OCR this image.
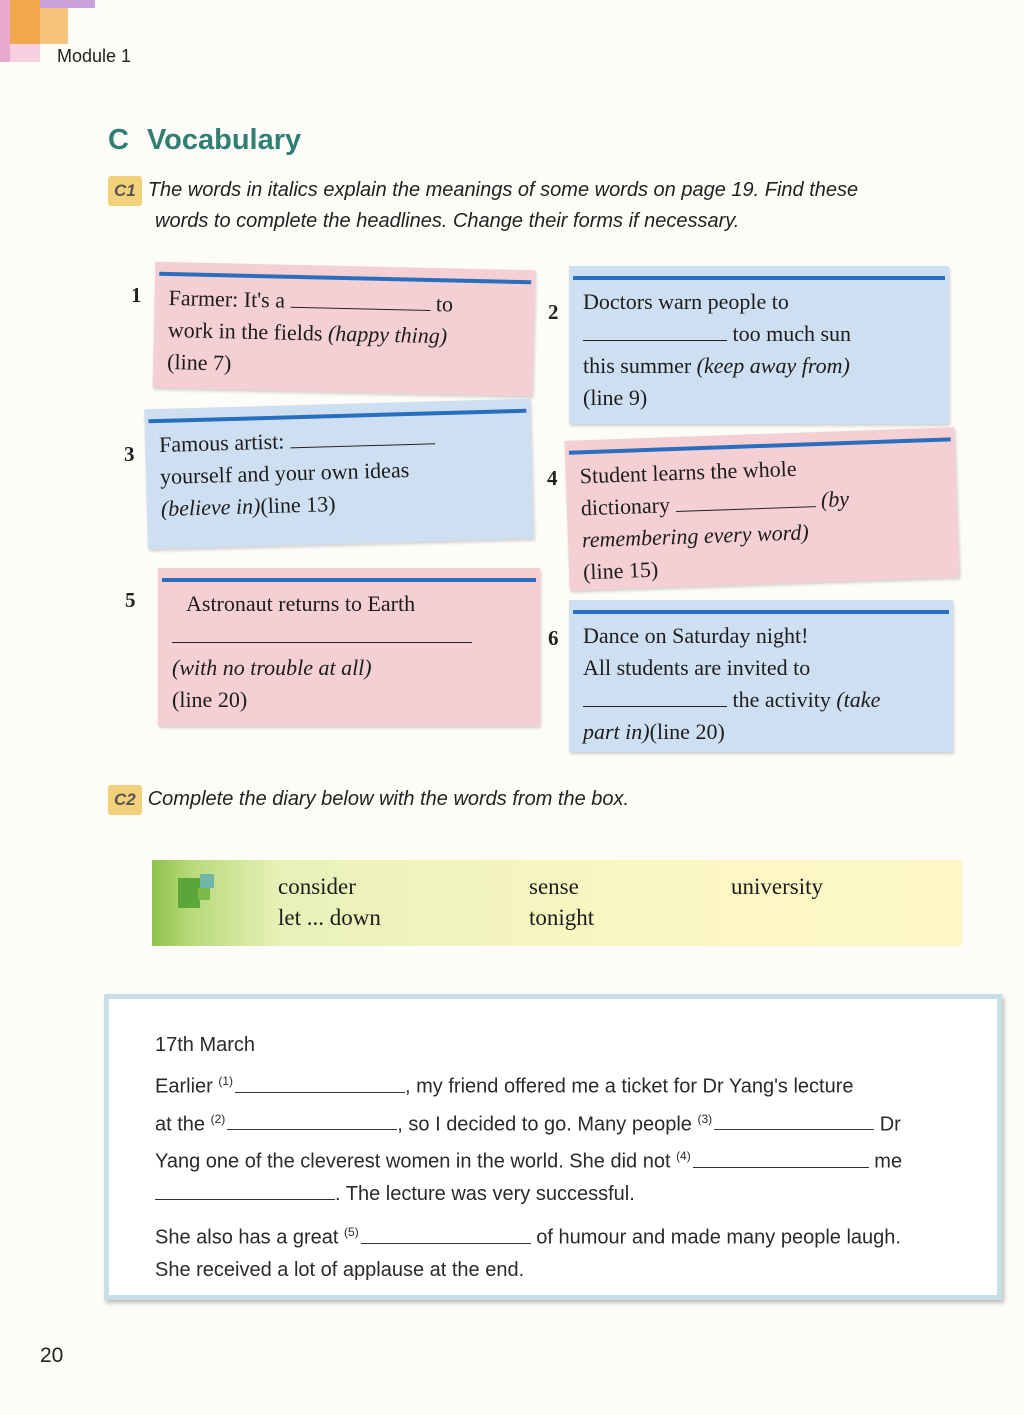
Module 1
C Vocabulary
C1 The words in italics explain the meanings of some words on page 19. Find these
words to complete the headlines. Change their forms if necessary.
1 Farmer: It's a	to
work in the fields (happy thing)
(line 7)
2 Doctors warn people to
too much sun
this summer (keep away from)
(line 9)
3 Famous artist:
yourself and your own ideas
(believe in)(line 13)
4 Student learns the whole
dictionary	(by
remembering every word)
(line 15)
5	Astronaut returns to Earth
(with no trouble at all)
(line 20)
6 Dance on Saturday night!
All students are invited to
the activity (take
part in)(line 20)
C2 Complete the diary below with the words from the box.
consider	sense	university
let ... down	tonight
17th March
Earlier $^{(1)}$	, my friend offered me a ticket for Dr Yang's lecture
at the $^{(2)}$	, so I decided to go. Many people $^{(3)}$	Dr
Yang one of the cleverest women in the world. She did not $^{(4)}$	me
. The lecture was very successful.
She also has a great $^{(5)}$	of humour and made many people laugh.
She received a lot of applause at the end.
20
